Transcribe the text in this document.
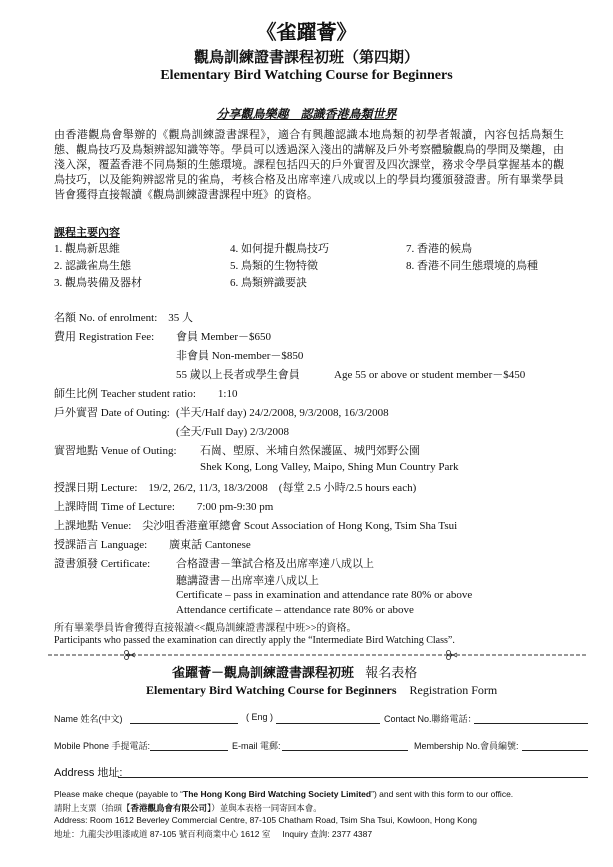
《雀躍薈》
觀鳥訓練證書課程初班（第四期）
Elementary Bird Watching Course for Beginners
分享觀鳥樂趣　認識香港鳥類世界
由香港觀鳥會舉辦的《觀鳥訓練證書課程》，適合有興趣認識本地鳥類的初學者報讀，內容包括鳥類生態、觀鳥技巧及鳥類辨認知識等等。學員可以透過深入淺出的講解及戶外考察體驗觀鳥的學問及樂趣，由淺入深，覆蓋香港不同鳥類的生態環境。課程包括四天的戶外實習及四次課堂，務求令學員掌握基本的觀鳥技巧，以及能夠辨認常見的雀鳥，考核合格及出席率達八成或以上的學員均獲頒發證書。所有畢業學員皆會獲得直接報讀《觀鳥訓練證書課程中班》的資格。
課程主要內容
1. 觀鳥新思維	4. 如何提升觀鳥技巧	7. 香港的候鳥
2. 認識雀鳥生態	5. 鳥類的生物特徵	8. 香港不同生態環境的鳥種
3. 觀鳥裝備及器材	6. 鳥類辨識要訣
名額 No. of enrolment:　35 人
費用 Registration Fee: 會員 Member－$650
非會員 Non-member－$850
55 歲以上長者或學生會員	Age 55 or above or student member－$450
師生比例 Teacher student ratio:　　1:10
戶外實習 Date of Outing: (半天/Half day) 24/2/2008, 9/3/2008, 16/3/2008
(全天/Full Day) 2/3/2008
實習地點 Venue of Outing: 石崗、塱原、米埔自然保護區、城門郊野公園
Shek Kong, Long Valley, Maipo, Shing Mun Country Park
授課日期 Lecture:　19/2, 26/2, 11/3, 18/3/2008　(每堂 2.5 小時/2.5 hours each)
上課時間 Time of Lecture:　　7:00 pm-9:30 pm
上課地點 Venue:　尖沙咀香港童軍總會 Scout Association of Hong Kong, Tsim Sha Tsui
授課語言 Language:　　廣東話 Cantonese
證書頒發 Certificate: 合格證書－筆試合格及出席率達八成以上
聽講證書－出席率達八成以上
Certificate – pass in examination and attendance rate 80% or above
Attendance certificate – attendance rate 80% or above
所有畢業學員皆會獲得直接報讀<<觀鳥訓練證書課程中班>>的資格。
Participants who passed the examination can directly apply the “Intermediate Bird Watching Class”.
雀躍薈－觀鳥訓練證書課程初班 報名表格
Elementary Bird Watching Course for Beginners Registration Form
Name 姓名(中文)	( Eng )	Contact No.聯絡電話：
Mobile Phone 手提電話:	E-mail 電郵:	Membership No.會員編號:
Address 地址:
Please make cheque (payable to “The Hong Kong Bird Watching Society Limited”) and sent with this form to our office.
請附上支票（抬頭【香港觀鳥會有限公司】）並與本表格一同寄回本會。
Address: Room 1612 Beverley Commercial Centre, 87-105 Chatham Road, Tsim Sha Tsui, Kowloon, Hong Kong
地址：九龍尖沙咀漆咸道 87-105 號百利商業中心 1612 室 Inquiry 查詢: 2377 4387
